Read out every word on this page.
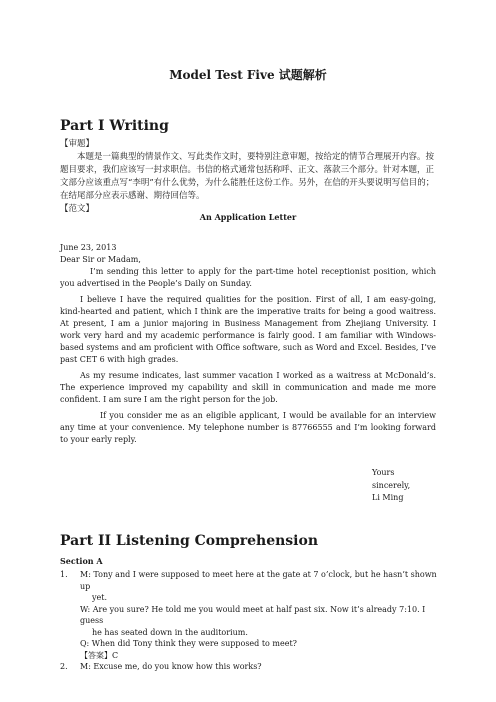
Model Test Five 试题解析
Part I Writing

【审题】

本题是一篇典型的情景作文、写此类作文时，要特别注意审题，按给定的情节合理展开内容。按题目要求，我们应该写一封求职信。书信的格式通常包括称呼、正文、落款三个部分。针对本题，正文部分应该重点写“李明”有什么优势，为什么能胜任这份工作。另外，在信的开头要说明写信目的；在结尾部分应表示感谢、期待回信等。

【范文】

An Application Letter

June 23, 2013

Dear Sir or Madam,

I’m sending this letter to apply for the part-time hotel receptionist position, which you advertised in the People’s Daily on Sunday.

I believe I have the required qualities for the position. First of all, I am easy-going, kind-hearted and patient, which I think are the imperative traits for being a good waitress. At present, I am a junior majoring in Business Management from Zhejiang University. I work very hard and my academic performance is fairly good. I am familiar with Windows-based systems and am proficient with Office software, such as Word and Excel. Besides, I’ve past CET 6 with high grades.

As my resume indicates, last summer vacation I worked as a waitress at McDonald’s. The experience improved my capability and skill in communication and made me more confident. I am sure I am the right person for the job.

If you consider me as an eligible applicant, I would be available for an interview any time at your convenience. My telephone number is 87766555 and I’m looking forward to your early reply.

Yours
sincerely,
Li Ming
Part II Listening Comprehension
Section A
1.	M: Tony and I were supposed to meet here at the gate at 7 o’clock, but he hasn’t shown up
yet.
W: Are you sure? He told me you would meet at half past six. Now it’s already 7:10. I guess
he has seated down in the auditorium.
Q: When did Tony think they were supposed to meet?
【答案】C
2.	M: Excuse me, do you know how this works?
